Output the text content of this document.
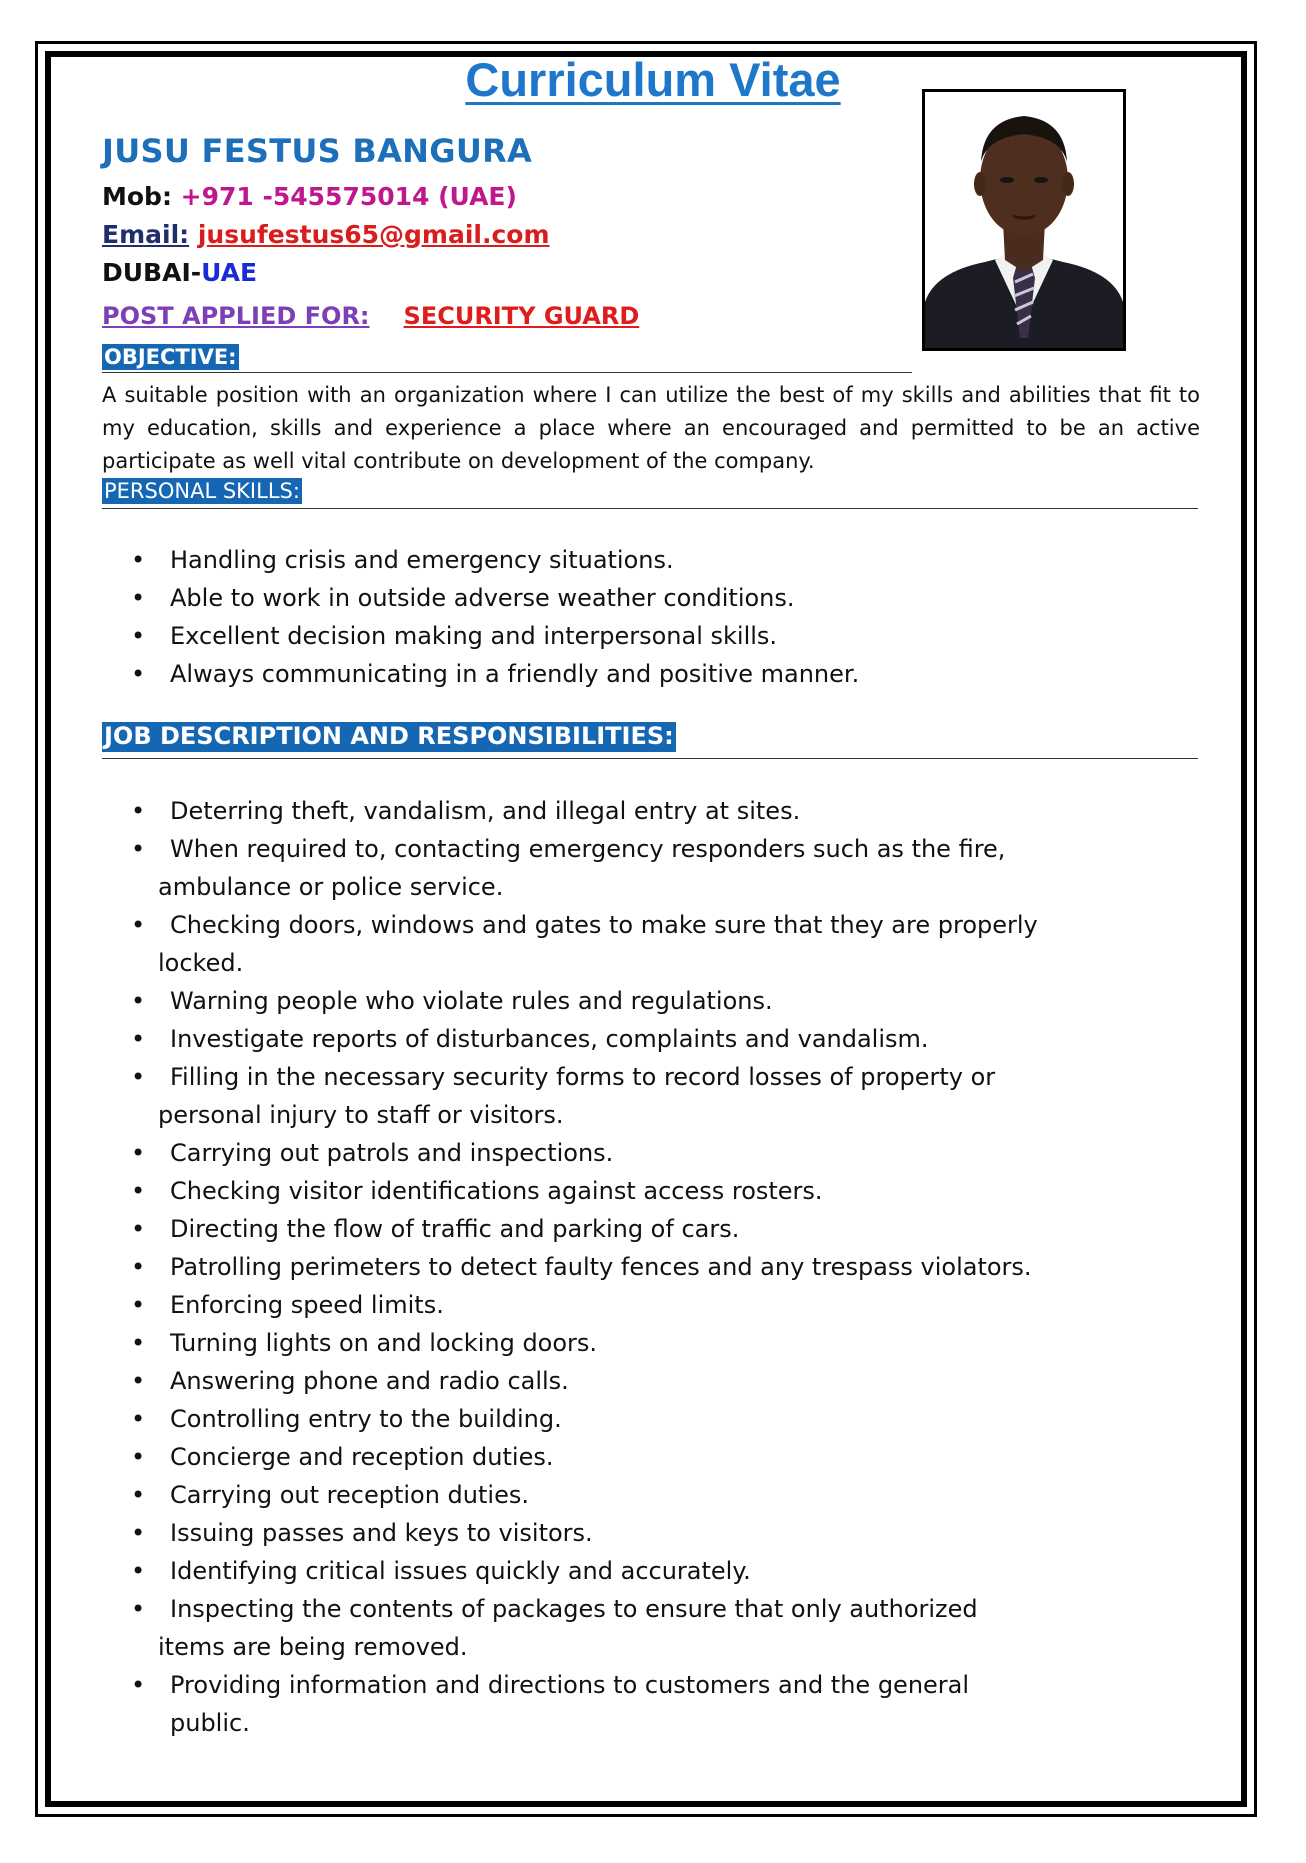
Curriculum Vitae
JUSU FESTUS BANGURA

Mob: +971 -545575014 (UAE)

Email: jusufestus65@gmail.com

DUBAI-UAE

POST APPLIED FOR: SECURITY GUARD

OBJECTIVE:

A suitable position with an organization where I can utilize the best of my skills and abilities that fit to my education, skills and experience a place where an encouraged and permitted to be an active participate as well vital contribute on development of the company.

PERSONAL SKILLS:
• Handling crisis and emergency situations.
• Able to work in outside adverse weather conditions.
• Excellent decision making and interpersonal skills.
• Always communicating in a friendly and positive manner.
JOB DESCRIPTION AND RESPONSIBILITIES:
• Deterring theft, vandalism, and illegal entry at sites.
•	When required to, contacting emergency responders such as the fire, ambulance or police service.
•	Checking doors, windows and gates to make sure that they are properly locked.
• Warning people who violate rules and regulations.
• Investigate reports of disturbances, complaints and vandalism.
•	Filling in the necessary security forms to record losses of property or personal injury to staff or visitors.
• Carrying out patrols and inspections.
• Checking visitor identifications against access rosters.
• Directing the flow of traffic and parking of cars.
• Patrolling perimeters to detect faulty fences and any trespass violators.
• Enforcing speed limits.
• Turning lights on and locking doors.
• Answering phone and radio calls.
• Controlling entry to the building.
• Concierge and reception duties.
• Carrying out reception duties.
• Issuing passes and keys to visitors.
• Identifying critical issues quickly and accurately.
•	Inspecting the contents of packages to ensure that only authorized items are being removed.
• Providing information and directions to customers and the general public.
